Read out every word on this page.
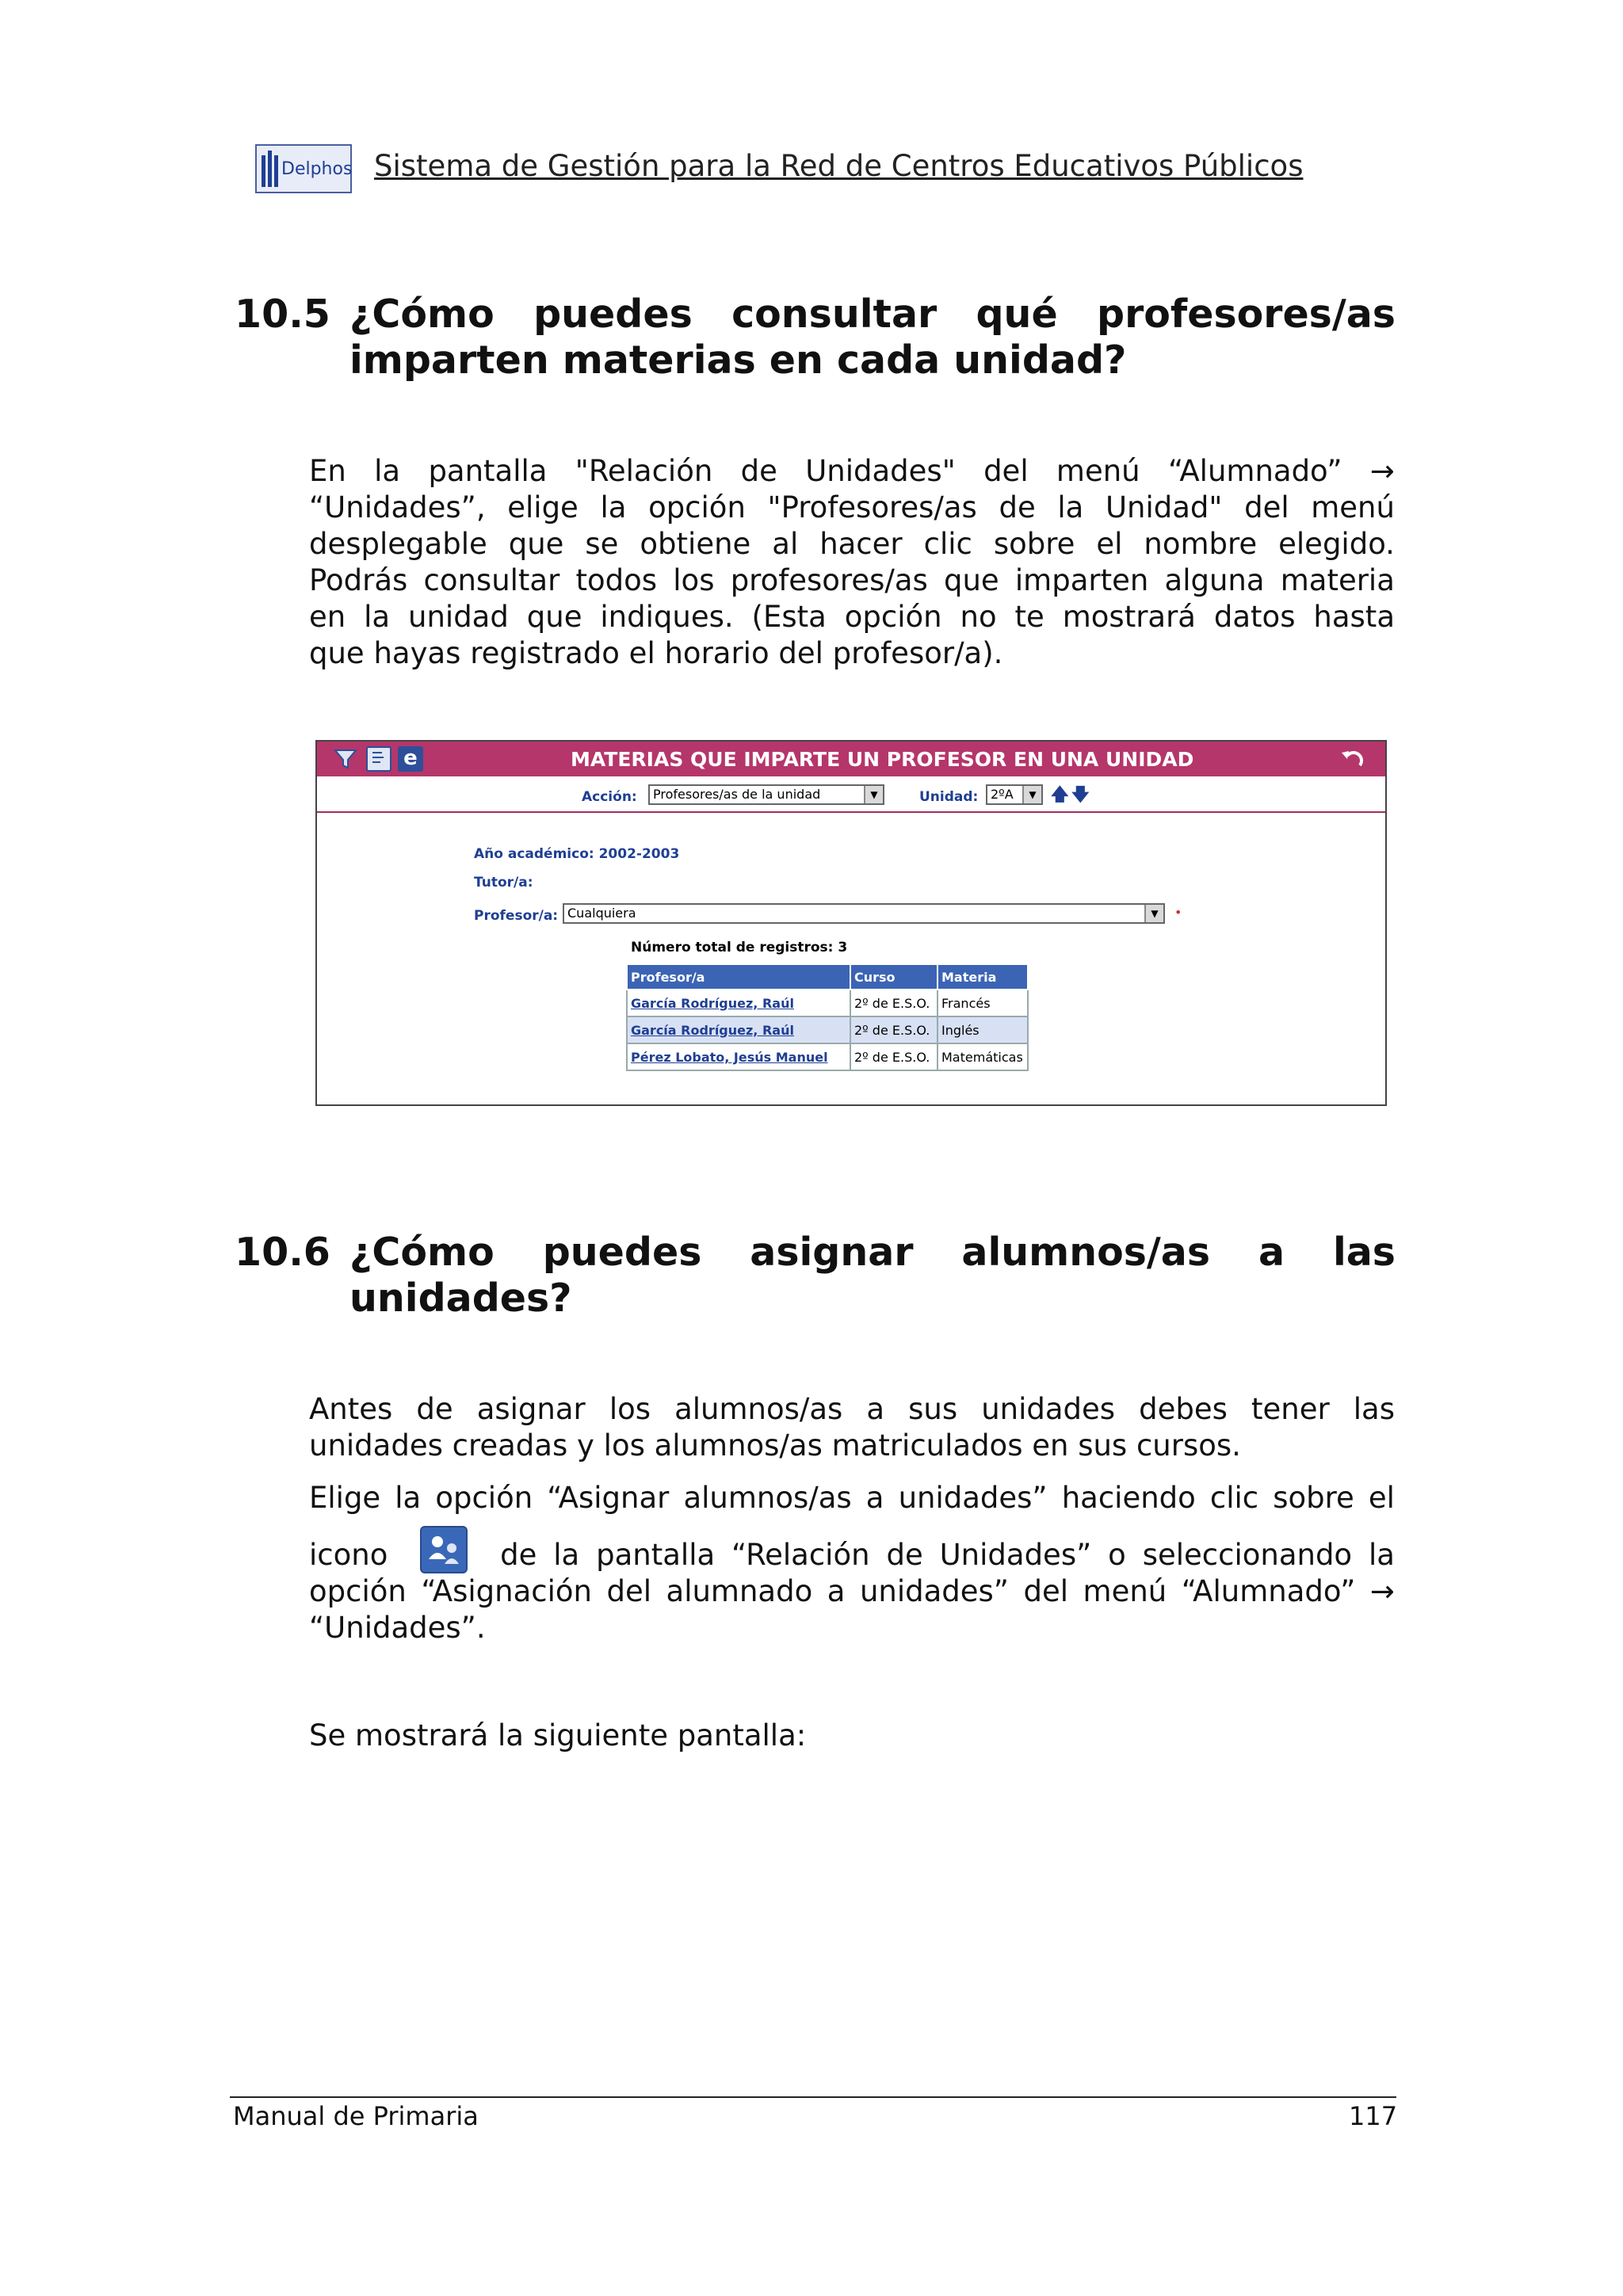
Delphos Sistema de Gestión para la Red de Centros Educativos Públicos
10.5 ¿Cómo puedes consultar qué profesores/as
imparten materias en cada unidad?
En la pantalla "Relación de Unidades" del menú “Alumnado” →
“Unidades”, elige la opción "Profesores/as de la Unidad" del menú
desplegable que se obtiene al hacer clic sobre el nombre elegido.
Podrás consultar todos los profesores/as que imparten alguna materia
en la unidad que indiques. (Esta opción no te mostrará datos hasta
que hayas registrado el horario del profesor/a).
e	MATERIAS QUE IMPARTE UN PROFESOR EN UNA UNIDAD
Acción:	Profesores/as de la unidad	▼	Unidad: 2ºA	▼ 🡅 🡇
Año académico: 2002-2003
Tutor/a:
Profesor/a: Cualquiera	▼	•
Número total de registros: 3
Profesor/a	Curso	Materia
García Rodríguez, Raúl	2º de E.S.O.	Francés
García Rodríguez, Raúl	2º de E.S.O.	Inglés
Pérez Lobato, Jesús Manuel	2º de E.S.O.	Matemáticas
10.6 ¿Cómo puedes asignar alumnos/as a las
unidades?
Antes de asignar los alumnos/as a sus unidades debes tener las
unidades creadas y los alumnos/as matriculados en sus cursos.
Elige la opción “Asignar alumnos/as a unidades” haciendo clic sobre el
icono	de la pantalla “Relación de Unidades” o seleccionando la
opción “Asignación del alumnado a unidades” del menú “Alumnado” →
“Unidades”.
Se mostrará la siguiente pantalla:
Manual de Primaria	117
